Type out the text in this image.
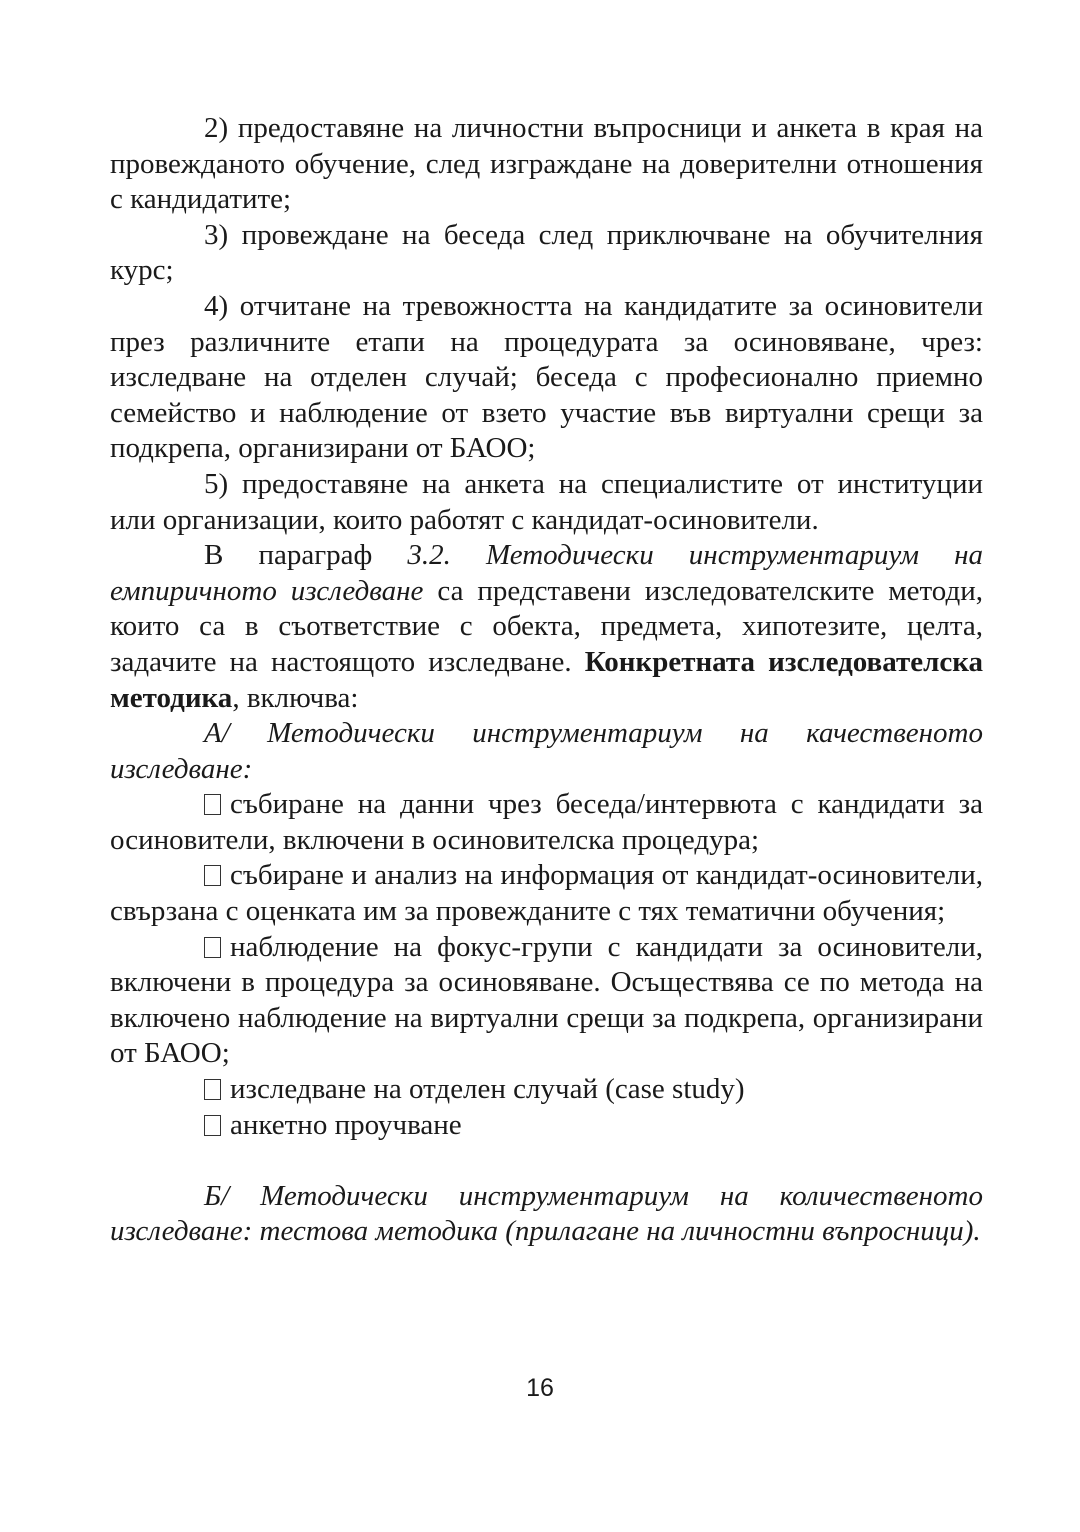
2) предоставяне на личностни въпросници и анкета в края на провежданото обучение, след изграждане на доверителни отношения с кандидатите;

3) провеждане на беседа след приключване на обучителния курс;

4) отчитане на тревожността на кандидатите за осиновители през различните етапи на процедурата за осиновяване, чрез: изследване на отделен случай; беседа с професионално приемно семейство и наблюдение от взето участие във виртуални срещи за подкрепа, организирани от БАОО;

5) предоставяне на анкета на специалистите от институции или организации, които работят с кандидат-осиновители.

В параграф 3.2. Методически инструментариум на емпиричното изследване са представени изследователските методи, които са в съответствие с обекта, предмета, хипотезите, целта, задачите на настоящото изследване. Конкретната изследователска методика, включва:

А/ Методически инструментариум на качественото изследване:

събиране на данни чрез беседа/интервюта с кандидати за осиновители, включени в осиновителска процедура;

събиране и анализ на информация от кандидат-осиновители, свързана с оценката им за провежданите с тях тематични обучения;

наблюдение на фокус-групи с кандидати за осиновители, включени в процедура за осиновяване. Осъществява се по метода на включено наблюдение на виртуални срещи за подкрепа, организирани от БАОО;

изследване на отделен случай (case study)

анкетно проучване

Б/ Методически инструментариум на количественото изследване: тестова методика (прилагане на личностни въпросници).

16
